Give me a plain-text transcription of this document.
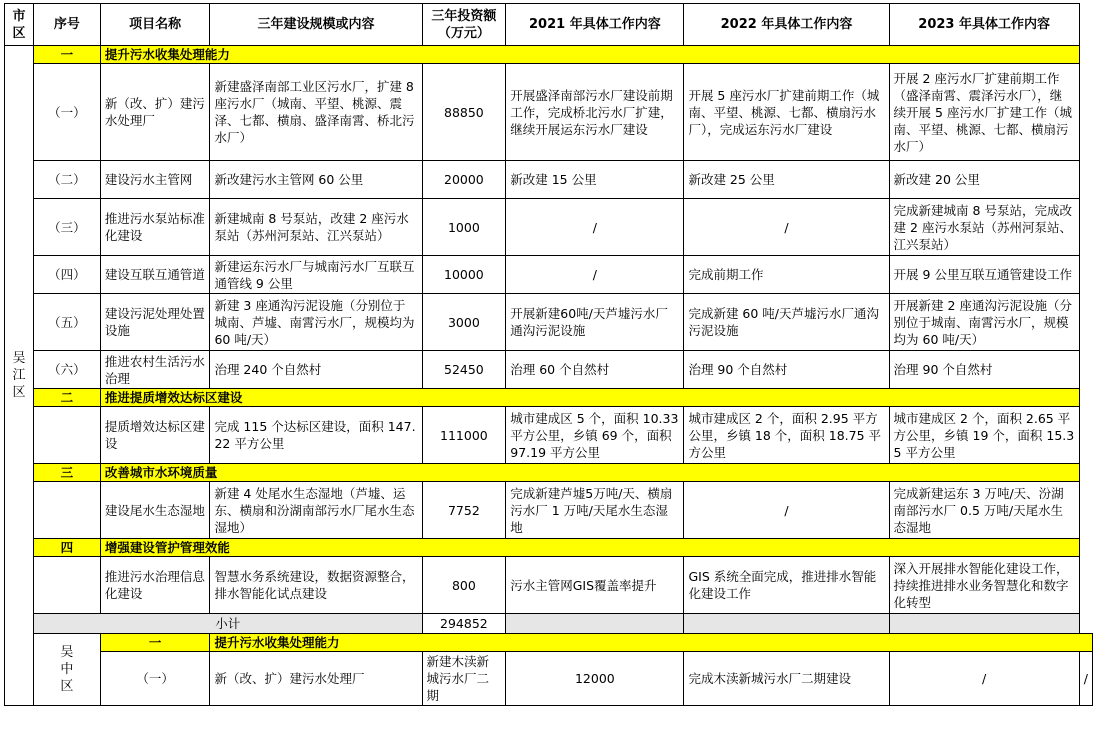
市区	序号	项目名称	三年建设规模或内容	三年投资额（万元）	2021 年具体工作内容	2022 年具体工作内容	2023 年具体工作内容	
吴江区	一	提升污水收集处理能力						
	（一）	新（改、扩）建污水处理厂	新建盛泽南部工业区污水厂，扩建 8 座污水厂（城南、平望、桃源、震泽、七都、横扇、盛泽南霄、桥北污水厂）	88850	开展盛泽南部污水厂建设前期工作，完成桥北污水厂扩建，继续开展运东污水厂建设	开展 5 座污水厂扩建前期工作（城南、平望、桃源、七都、横扇污水厂），完成运东污水厂建设	开展 2 座污水厂扩建前期工作（盛泽南霄、震泽污水厂），继续开展 5 座污水厂扩建工作（城南、平望、桃源、七都、横扇污水厂）	
	（二）	建设污水主管网	新改建污水主管网 60 公里	20000	新改建 15 公里	新改建 25 公里	新改建 20 公里	
	（三）	推进污水泵站标准化建设	新建城南 8 号泵站，改建 2 座污水泵站（苏州河泵站、江兴泵站）	1000	/	/	完成新建城南 8 号泵站，完成改建 2 座污水泵站（苏州河泵站、江兴泵站）	
	（四）	建设互联互通管道	新建运东污水厂与城南污水厂互联互通管线 9 公里	10000	/	完成前期工作	开展 9 公里互联互通管建设工作	
	（五）	建设污泥处理处置设施	新建 3 座通沟污泥设施（分别位于城南、芦墟、南霄污水厂，规模均为 60 吨/天）	3000	开展新建60吨/天芦墟污水厂通沟污泥设施	完成新建 60 吨/天芦墟污水厂通沟污泥设施	开展新建 2 座通沟污泥设施（分别位于城南、南霄污水厂，规模均为 60 吨/天）	
	（六）	推进农村生活污水治理	治理 240 个自然村	52450	治理 60 个自然村	治理 90 个自然村	治理 90 个自然村	
	二	推进提质增效达标区建设						
		提质增效达标区建设	完成 115 个达标区建设，面积 147.22 平方公里	111000	城市建成区 5 个，面积 10.33 平方公里，乡镇 69 个，面积 97.19 平方公里	城市建成区 2 个，面积 2.95 平方公里，乡镇 18 个，面积 18.75 平方公里	城市建成区 2 个，面积 2.65 平方公里，乡镇 19 个，面积 15.35 平方公里	
	三	改善城市水环境质量						
		建设尾水生态湿地	新建 4 处尾水生态湿地（芦墟、运东、横扇和汾湖南部污水厂尾水生态湿地）	7752	完成新建芦墟5万吨/天、横扇污水厂 1 万吨/天尾水生态湿地	/	完成新建运东 3 万吨/天、汾湖南部污水厂 0.5 万吨/天尾水生态湿地	
	四	增强建设管护管理效能						
		推进污水治理信息化建设	智慧水务系统建设，数据资源整合，排水智能化试点建设	800	污水主管网GIS覆盖率提升	GIS 系统全面完成，推进排水智能化建设工作	深入开展排水智能化建设工作，持续推进排水业务智慧化和数字化转型	
	小计			294852				
	吴中区	一	提升污水收集处理能力					
		（一）	新（改、扩）建污水处理厂	新建木渎新城污水厂二期	12000	完成木渎新城污水厂二期建设	/	/
